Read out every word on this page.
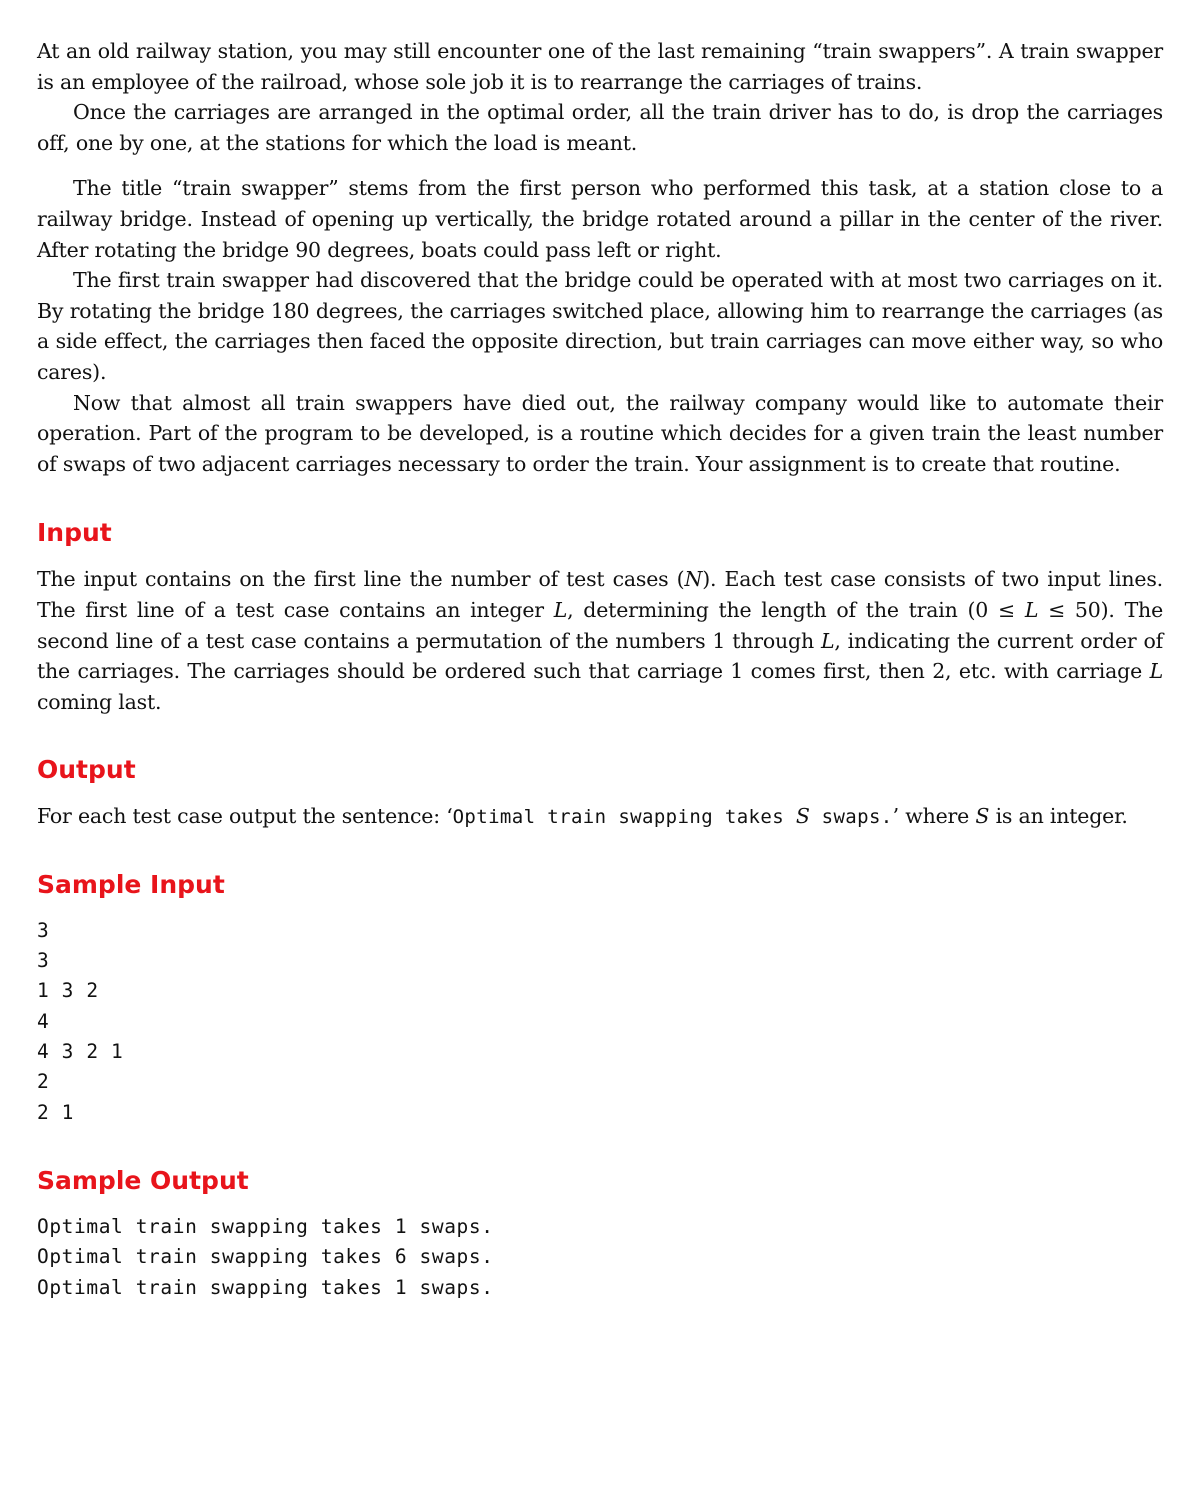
At an old railway station, you may still encounter one of the last remaining “train swappers”. A train swapper is an employee of the railroad, whose sole job it is to rearrange the carriages of trains.

Once the carriages are arranged in the optimal order, all the train driver has to do, is drop the carriages off, one by one, at the stations for which the load is meant.

The title “train swapper” stems from the first person who performed this task, at a station close to a railway bridge. Instead of opening up vertically, the bridge rotated around a pillar in the center of the river. After rotating the bridge 90 degrees, boats could pass left or right.

The first train swapper had discovered that the bridge could be operated with at most two carriages on it. By rotating the bridge 180 degrees, the carriages switched place, allowing him to rearrange the carriages (as a side effect, the carriages then faced the opposite direction, but train carriages can move either way, so who cares).

Now that almost all train swappers have died out, the railway company would like to automate their operation. Part of the program to be developed, is a routine which decides for a given train the least number of swaps of two adjacent carriages necessary to order the train. Your assignment is to create that routine.

Input

The input contains on the first line the number of test cases (N). Each test case consists of two input lines. The first line of a test case contains an integer L, determining the length of the train (0 ≤ L ≤ 50). The second line of a test case contains a permutation of the numbers 1 through L, indicating the current order of the carriages. The carriages should be ordered such that carriage 1 comes first, then 2, etc. with carriage L coming last.

Output

For each test case output the sentence: ‘Optimal train swapping takes S swaps.’ where S is an integer.

Sample Input
3
3
1 3 2
4
4 3 2 1
2
2 1
Sample Output
Optimal train swapping takes 1 swaps.
Optimal train swapping takes 6 swaps.
Optimal train swapping takes 1 swaps.
